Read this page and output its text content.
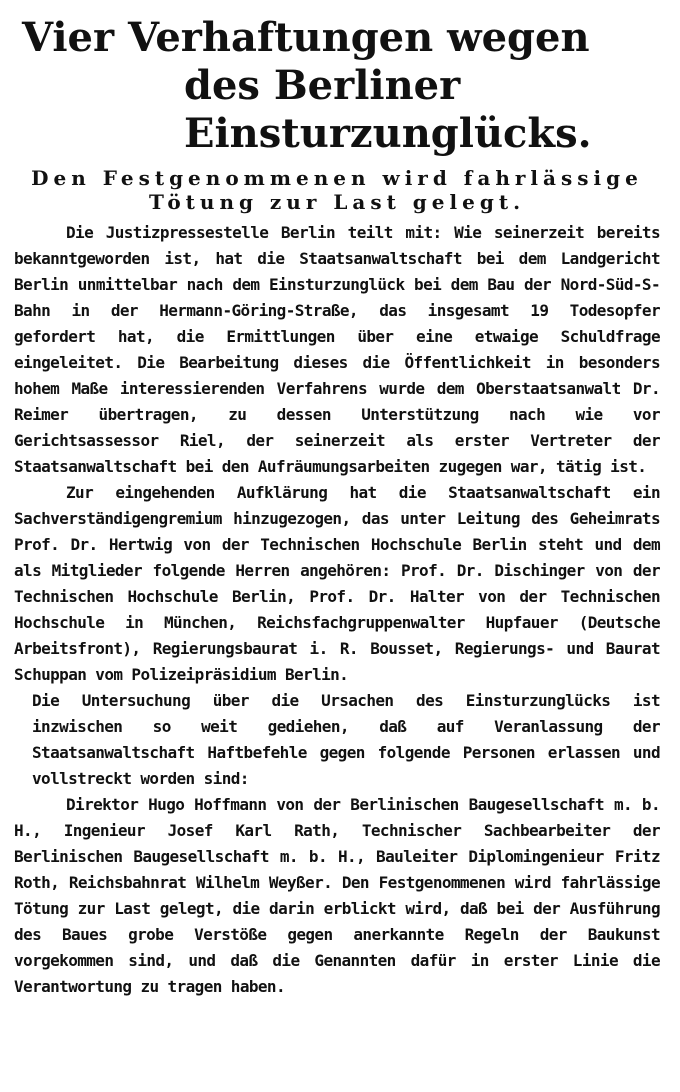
Vier Verhaftungen wegen
des Berliner Einsturzunglücks.
Den Festgenommenen wird fahrlässige
Tötung zur Last gelegt.

Die Justizpressestelle Berlin teilt mit: Wie seinerzeit bereits bekanntgeworden ist, hat die Staatsanwaltschaft bei dem Landgericht Berlin unmittelbar nach dem Einsturzunglück bei dem Bau der Nord-Süd-S-Bahn in der Hermann-Göring-Straße, das insgesamt 19 Todesopfer gefordert hat, die Ermittlungen über eine etwaige Schuldfrage eingeleitet. Die Bearbeitung dieses die Öffentlichkeit in besonders hohem Maße interessierenden Verfahrens wurde dem Oberstaatsanwalt Dr. Reimer übertragen, zu dessen Unterstützung nach wie vor Gerichtsassessor Riel, der seinerzeit als erster Vertreter der Staatsanwaltschaft bei den Aufräumungsarbeiten zugegen war, tätig ist.

Zur eingehenden Aufklärung hat die Staatsanwaltschaft ein Sachverständigengremium hinzugezogen, das unter Leitung des Geheimrats Prof. Dr. Hertwig von der Technischen Hochschule Berlin steht und dem als Mitglieder folgende Herren angehören: Prof. Dr. Dischinger von der Technischen Hochschule Berlin, Prof. Dr. Halter von der Technischen Hochschule in München, Reichsfachgruppenwalter Hupfauer (Deutsche Arbeitsfront), Regierungsbaurat i. R. Bousset, Regierungs- und Baurat Schuppan vom Polizeipräsidium Berlin.

Die Untersuchung über die Ursachen des Einsturzunglücks ist inzwischen so weit gediehen, daß auf Veranlassung der Staatsanwaltschaft Haftbefehle gegen folgende Personen erlassen und vollstreckt worden sind:

Direktor Hugo Hoffmann von der Berlinischen Baugesellschaft m. b. H., Ingenieur Josef Karl Rath, Technischer Sachbearbeiter der Berlinischen Baugesellschaft m. b. H., Bauleiter Diplomingenieur Fritz Roth, Reichsbahnrat Wilhelm Weyßer. Den Festgenommenen wird fahrlässige Tötung zur Last gelegt, die darin erblickt wird, daß bei der Ausführung des Baues grobe Verstöße gegen anerkannte Regeln der Baukunst vorgekommen sind, und daß die Genannten dafür in erster Linie die Verantwortung zu tragen haben.
